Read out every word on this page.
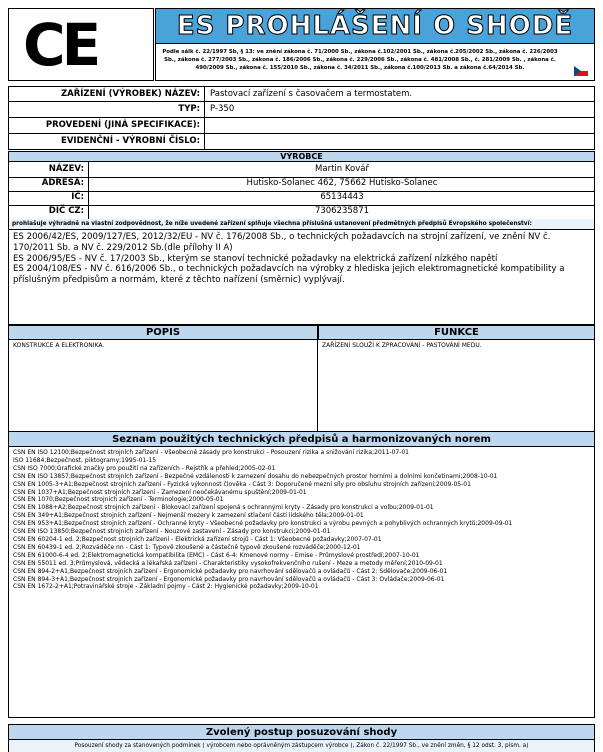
CE	ES PROHLÁŠENÍ O SHODĚ
Podle sálk č. 22/1997 Sb, § 13: ve znění zákona č. 71/2000 Sb., zákona č.102/2001 Sb., zákona č.205/2002 Sb., zákona č. 226/2003 Sb., zákona č. 277/2003 Sb., zákona č. 186/2006 Sb., zákona č. 229/2006 Sb., zákona č. 481/2008 Sb., č. 281/2009 Sb. , zákona č. 490/2009 Sb., zákona č. 155/2010 Sb., zákona č. 34/2011 Sb., zákona č.100/2013 Sb. a zákona č.64/2014 Sb.
ZAŘÍZENÍ (VÝROBEK) NÁZEV:	Pastovací zařízení s časovačem a termostatem.
TYP:	P-350
PROVEDENÍ (JINÁ SPECIFIKACE):
EVIDENČNÍ - VÝROBNÍ ČÍSLO:
VÝROBCE
NÁZEV:	Martin Kovář
ADRESA:	Hutisko-Solanec 462, 75662 Hutisko-Solanec
IČ:	65134443
DIČ CZ:	7306235871
prohlašuje výhradně na vlastní zodpovědnost, že níže uvedené zařízení splňuje všechna příslušná ustanovení předmětných předpisů Evropského společenství:
ES 2006/42/ES, 2009/127/ES, 2012/32/EU - NV č. 176/2008 Sb., o technických požadavcích na strojní zařízení, ve znění NV č. 170/2011 Sb. a NV č. 229/2012 Sb.(dle přílohy II A)
ES 2006/95/ES - NV č. 17/2003 Sb., kterým se stanoví technické požadavky na elektrická zařízení nízkého napětí
ES 2004/108/ES - NV č. 616/2006 Sb., o technických požadavcích na výrobky z hlediska jejich elektromagnetické kompatibility a příslušným předpisům a normám, které z těchto nařízení (směrnic) vyplývají.
POPIS	FUNKCE
KONSTRUKCE A ELEKTRONIKA.	ZAŘÍZENÍ SLOUŽÍ K ZPRACOVÁNÍ - PASTOVÁNÍ MEDU.
Seznam použitých technických předpisů a harmonizovaných norem
ČSN EN ISO 12100;Bezpečnost strojních zařízení - Všeobecné zásady pro konstrukci - Posouzení rizika a snižování rizika;2011-07-01
ISO 11684;Bezpečnost, piktogramy;1995-01-15
ČSN ISO 7000;Grafické značky pro použití na zařízeních - Rejstřík a přehled;2005-02-01
ČSN EN ISO 13857;Bezpečnost strojních zařízení - Bezpečné vzdálenosti k zamezení dosahu do nebezpečných prostor horními a dolními končetinami;2008-10-01
ČSN EN 1005-3+A1;Bezpečnost strojních zařízení - Fyzická výkonnost člověka - Část 3: Doporučené mezní síly pro obsluhu strojních zařízení;2009-05-01
ČSN EN 1037+A1;Bezpečnost strojních zařízení - Zamezení neočekávanému spuštění;2009-01-01
ČSN EN 1070;Bezpečnost strojních zařízení - Terminologie;2000-05-01
ČSN EN 1088+A2;Bezpečnost strojních zařízení - Blokovací zařízení spojená s ochrannými kryty - Zásady pro konstrukci a volbu;2009-01-01
ČSN EN 349+A1;Bezpečnost strojních zařízení - Nejmenší mezery k zamezení stlačení částí lidského těla;2009-01-01
ČSN EN 953+A1;Bezpečnost strojních zařízení - Ochranné kryty - Všeobecné požadavky pro konstrukci a výrobu pevných a pohyblivých ochranných krytů;2009-09-01
ČSN EN ISO 13850;Bezpečnost strojních zařízení - Nouzové zastavení - Zásady pro konstrukci;2009-01-01
ČSN EN 60204-1 ed. 2;Bezpečnost strojních zařízení - Elektrická zařízení strojů - Část 1: Všeobecné požadavky;2007-07-01
ČSN EN 60439-1 ed. 2;Rozváděče nn - Část 1: Typově zkoušené a částečně typově zkoušené rozváděče;2000-12-01
ČSN EN 61000-6-4 ed. 2;Elektromagnetická kompatibilita (EMC) - Část 6-4: Kmenové normy - Emise - Průmyslové prostředí;2007-10-01
ČSN EN 55011 ed. 3;Průmyslová, vědecká a lékařská zařízení - Charakteristiky vysokofrekvenčního rušení - Meze a metody měření;2010-09-01
ČSN EN 894-2+A1;Bezpečnost strojních zařízení - Ergonomické požadavky pro navrhování sdělovačů a ovládačů - Část 2: Sdělovače;2009-06-01
ČSN EN 894-3+A1;Bezpečnost strojních zařízení - Ergonomické požadavky pro navrhování sdělovačů a ovládačů - Část 3: Ovládače;2009-06-01
ČSN EN 1672-2+A1;Potravinářské stroje - Základní pojmy - Část 2: Hygienické požadavky;2009-10-01
Zvolený postup posuzování shody
Posouzení shody za stanovených podmínek ( výrobcem nebo oprávněným zástupcem výrobce ), Zákon č. 22/1997 Sb., ve znění změn, § 12 odst. 3, písm. a)
